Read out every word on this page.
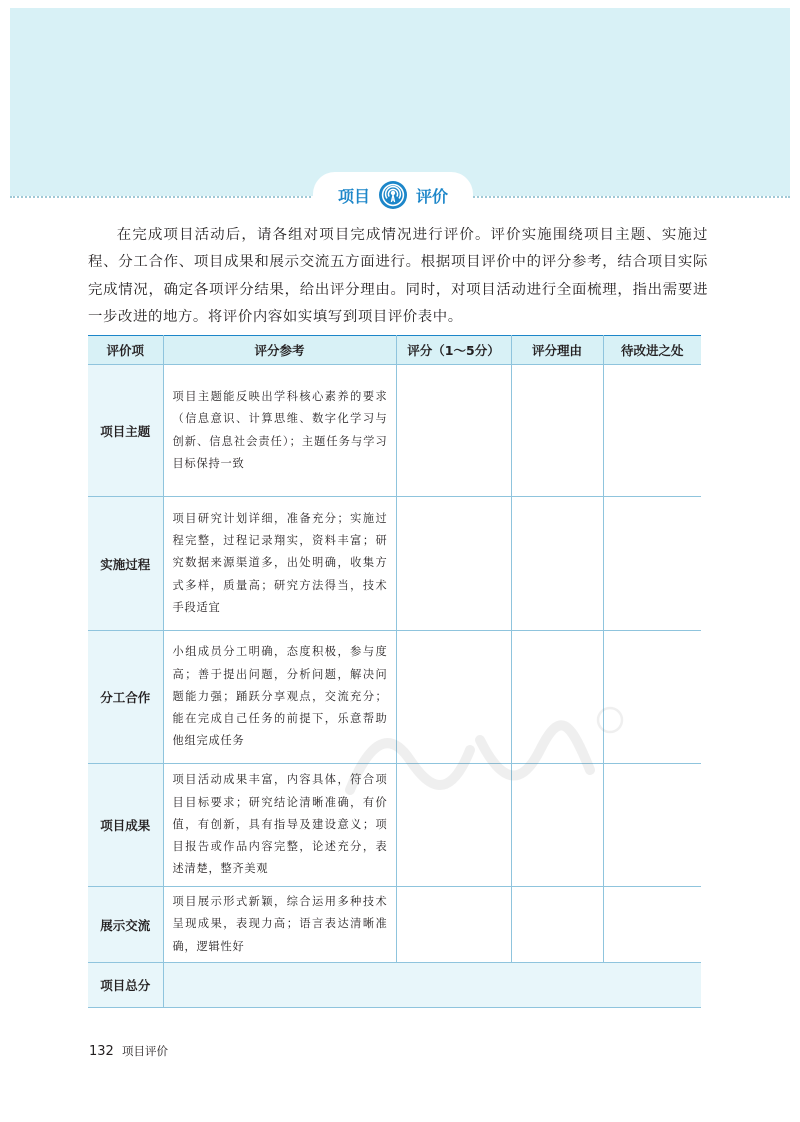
项目	评价

在完成项目活动后，请各组对项目完成情况进行评价。评价实施围绕项目主题、实施过程、分工合作、项目成果和展示交流五方面进行。根据项目评价中的评分参考，结合项目实际完成情况，确定各项评分结果，给出评分理由。同时，对项目活动进行全面梳理，指出需要进一步改进的地方。将评价内容如实填写到项目评价表中。

评价项	评分参考	评分（1～5分）	评分理由	待改进之处
项目主题	项目主题能反映出学科核心素养的要求（信息意识、计算思维、数字化学习与创新、信息社会责任）；主题任务与学习目标保持一致			
实施过程	项目研究计划详细，准备充分；实施过程完整，过程记录翔实，资料丰富；研究数据来源渠道多，出处明确，收集方式多样，质量高；研究方法得当，技术手段适宜			
分工合作	小组成员分工明确，态度积极，参与度高；善于提出问题，分析问题，解决问题能力强；踊跃分享观点，交流充分；能在完成自己任务的前提下，乐意帮助他组完成任务			
项目成果	项目活动成果丰富，内容具体，符合项目目标要求；研究结论清晰准确，有价值，有创新，具有指导及建设意义；项目报告或作品内容完整，论述充分，表述清楚，整齐美观			
展示交流	项目展示形式新颖，综合运用多种技术呈现成果，表现力高；语言表达清晰准确，逻辑性好			
项目总分				
132 项目评价
